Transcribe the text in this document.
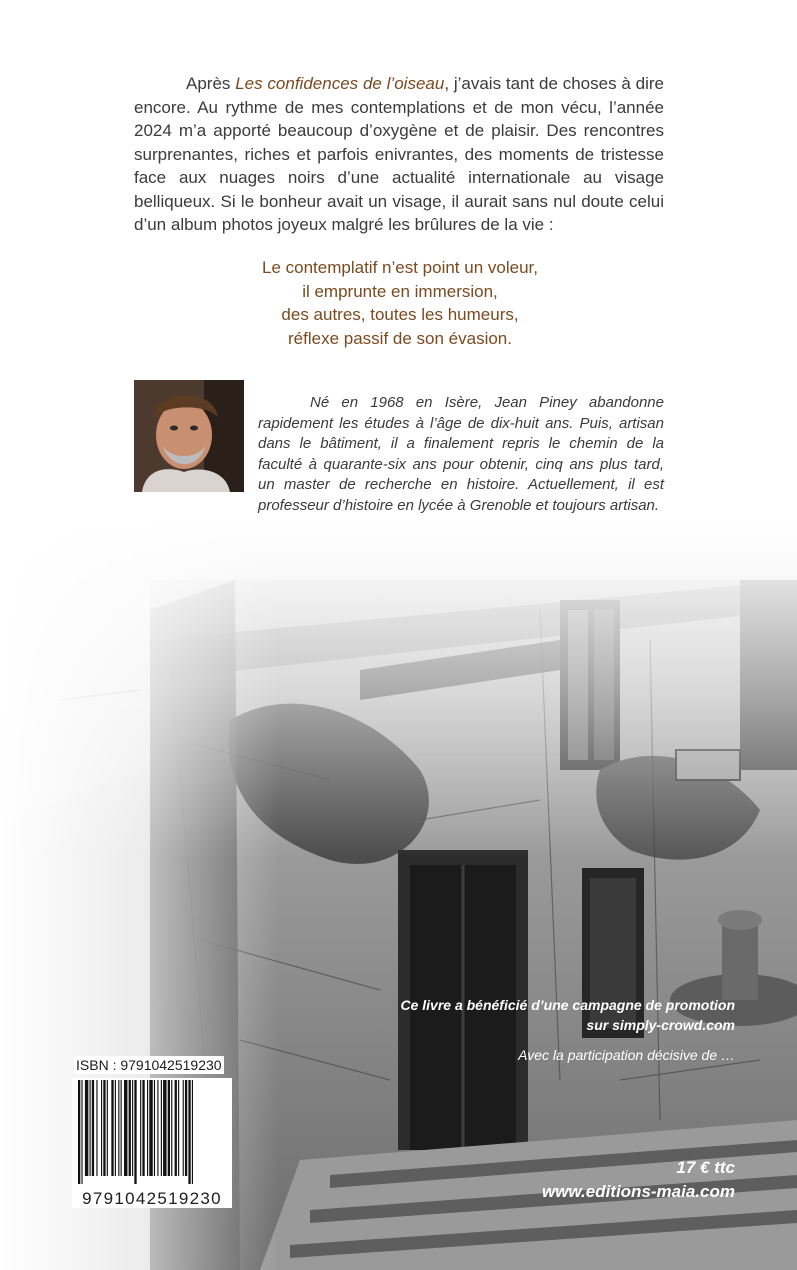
Après Les confidences de l’oiseau, j’avais tant de choses à dire encore. Au rythme de mes contemplations et de mon vécu, l’année 2024 m’a apporté beaucoup d’oxygène et de plaisir. Des rencontres surprenantes, riches et parfois enivrantes, des moments de tristesse face aux nuages noirs d’une actualité internationale au visage belliqueux. Si le bonheur avait un visage, il aurait sans nul doute celui d’un album photos joyeux malgré les brûlures de la vie :

Le contemplatif n’est point un voleur,
il emprunte en immersion,
des autres, toutes les humeurs,
réflexe passif de son évasion.

Né en 1968 en Isère, Jean Piney abandonne rapidement les études à l’âge de dix-huit ans. Puis, artisan dans le bâtiment, il a finalement repris le chemin de la faculté à quarante-six ans pour obtenir, cinq ans plus tard, un master de recherche en histoire. Actuellement, il est professeur d’histoire en lycée à Grenoble et toujours artisan.

Ce livre a bénéficié d’une campagne de promotion
sur simply-crowd.com
Avec la participation décisive de …
17 € ttc
www.editions-maia.com
ISBN : 9791042519230
9791042519230
